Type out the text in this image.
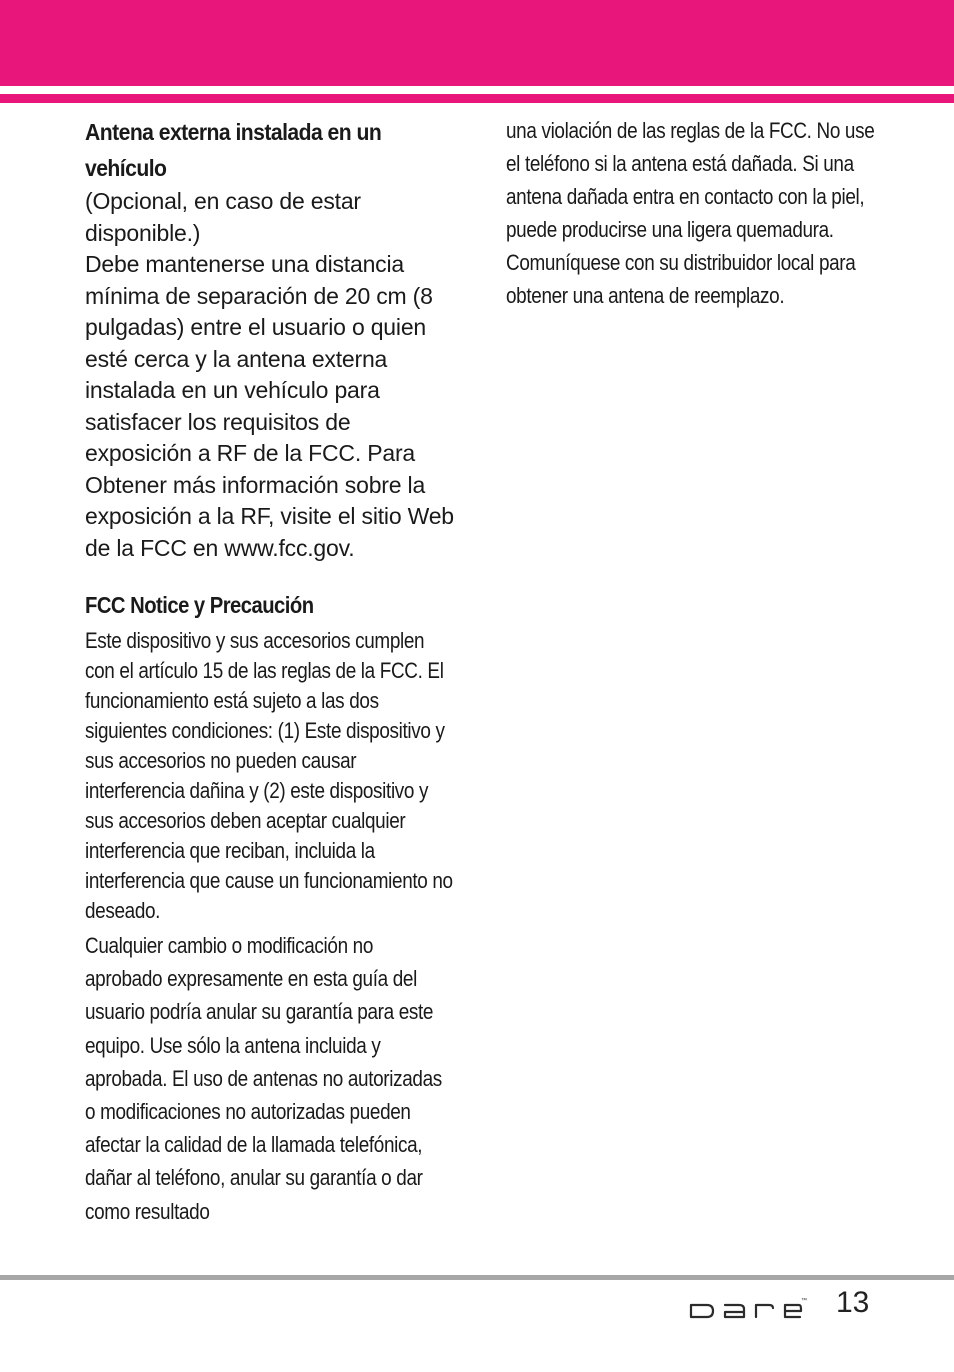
Antena externa instalada en un vehículo
(Opcional, en caso de estar disponible.)
Debe mantenerse una distancia mínima de separación de 20 cm (8 pulgadas) entre el usuario o quien esté cerca y la antena externa instalada en un vehículo para satisfacer los requisitos de exposición a RF de la FCC. Para Obtener más información sobre la exposición a la RF, visite el sitio Web de la FCC en www.fcc.gov.
FCC Notice y Precaución
Este dispositivo y sus accesorios cumplen con el artículo 15 de las reglas de la FCC. El funcionamiento está sujeto a las dos siguientes condiciones: (1) Este dispositivo y sus accesorios no pueden causar interferencia dañina y (2) este dispositivo y sus accesorios deben aceptar cualquier interferencia que reciban, incluida la interferencia que cause un funcionamiento no deseado.
Cualquier cambio o modificación no aprobado expresamente en esta guía del usuario podría anular su garantía para este equipo. Use sólo la antena incluida y aprobada. El uso de antenas no autorizadas o modificaciones no autorizadas pueden afectar la calidad de la llamada telefónica, dañar al teléfono, anular su garantía o dar como resultado
una violación de las reglas de la FCC. No use el teléfono si la antena está dañada. Si una antena dañada entra en contacto con la piel, puede producirse una ligera quemadura. Comuníquese con su distribuidor local para obtener una antena de reemplazo.
™ 13
